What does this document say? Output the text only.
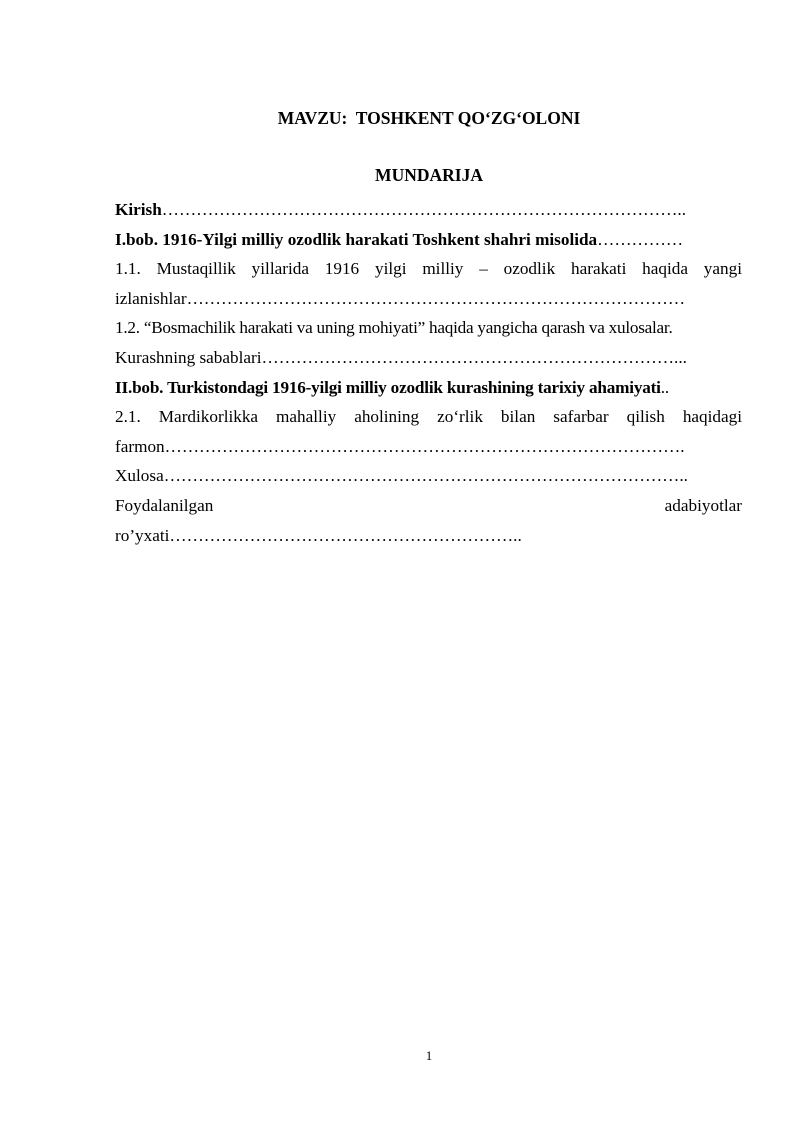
MAVZU:  TOSHKENT QO‘ZG‘OLONI
MUNDARIJA
Kirish………………………………………………………………………………..
I.bob. 1916-Yilgi milliy ozodlik harakati Toshkent shahri misolida……………
1.1. Mustaqillik yillarida 1916 yilgi milliy – ozodlik harakati haqida yangi
izlanishlar……………………………………………………………………………
1.2. “Bosmachilik harakati va uning mohiyati” haqida yangicha qarash va xulosalar.
Kurashning sabablari………………………………………………………………...
II.bob. Turkistondagi 1916-yilgi milliy ozodlik kurashining tarixiy ahamiyati..
2.1. Mardikorlikka mahalliy aholining zo‘rlik bilan safarbar qilish haqidagi
farmon……………………………………………………………………………….
Xulosa………………………………………………………………………………..
Foydalanilgan adabiyotlar
ro’yxati……………………………………………………..
1
